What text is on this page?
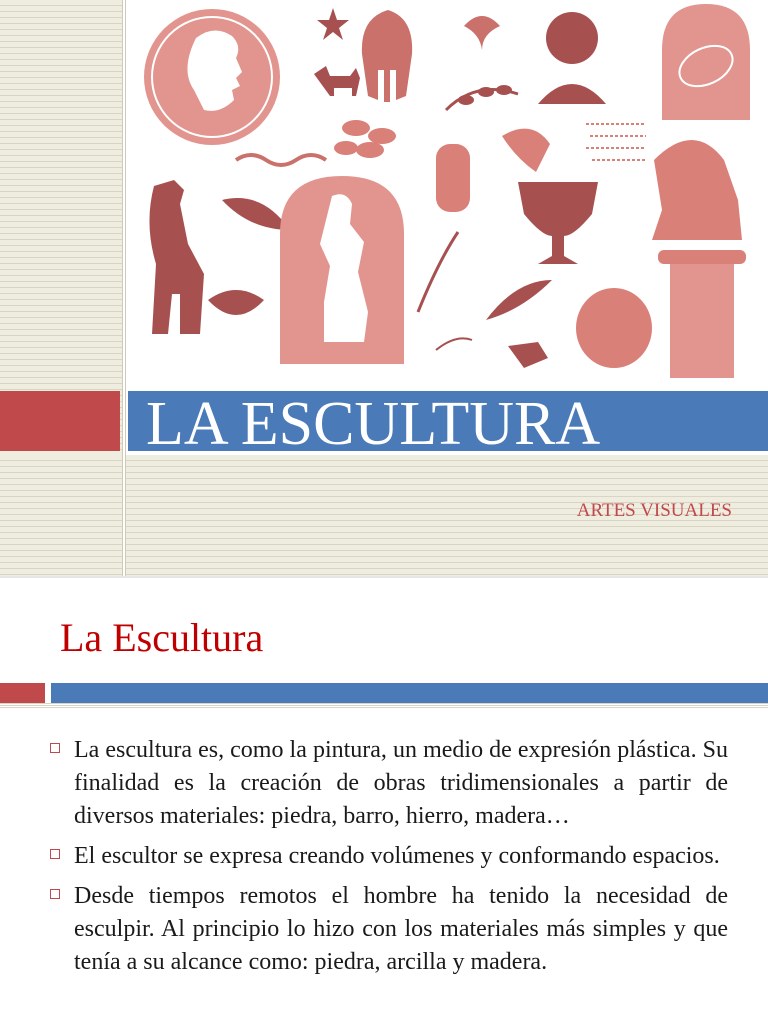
LA ESCULTURA
ARTES VISUALES
La Escultura
La escultura es, como la pintura, un medio de expresión plástica. Su finalidad es la creación de obras tridimensionales a partir de diversos materiales: piedra, barro, hierro, madera…
El escultor se expresa creando volúmenes y conformando espacios.
Desde tiempos remotos el hombre ha tenido la necesidad de esculpir. Al principio lo hizo con los materiales más simples y que tenía a su alcance como: piedra, arcilla y madera.
